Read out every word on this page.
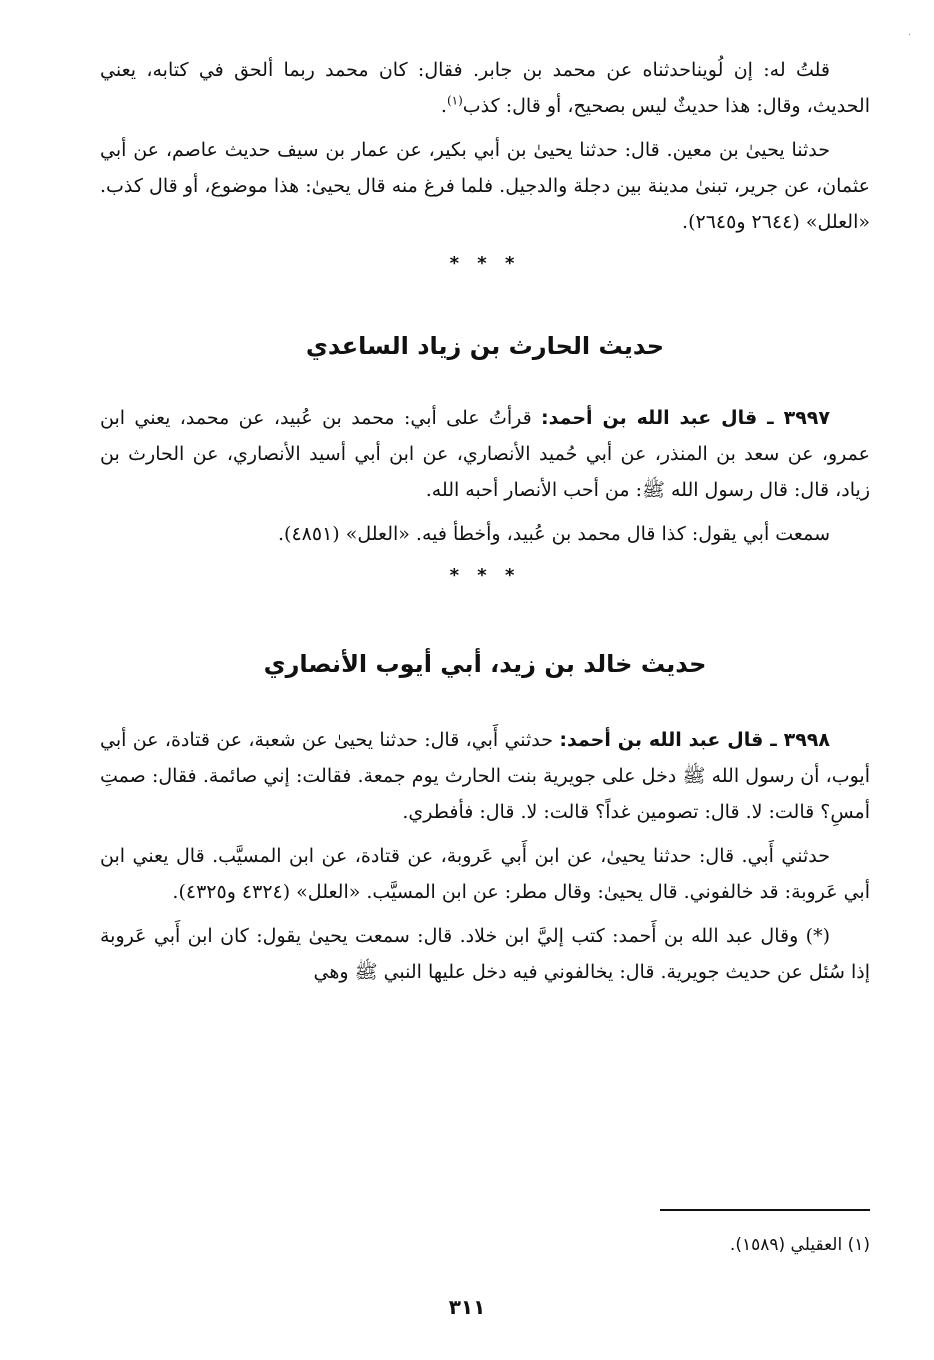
·

قلتُ له: إن لُويناحدثناه عن محمد بن جابر. فقال: كان محمد ربما ألحق في كتابه، يعني الحديث، وقال: هذا حديثٌ ليس بصحيح، أو قال: كذب$^{(١)}$.

حدثنا يحيىٰ بن معين. قال: حدثنا يحيىٰ بن أبي بكير، عن عمار بن سيف حديث عاصم، عن أبي عثمان، عن جرير، تبنىٰ مدينة بين دجلة والدجيل. فلما فرغ منه قال يحيىٰ: هذا موضوع، أو قال كذب. «العلل» (٢٦٤٤ و٢٦٤٥).

* * *
حديث الحارث بن زياد الساعدي

٣٩٩٧ ـ قال عبد الله بن أحمد: قرأتُ على أبي: محمد بن عُبيد، عن محمد، يعني ابن عمرو، عن سعد بن المنذر، عن أبي حُميد الأنصاري، عن ابن أبي أسيد الأنصاري، عن الحارث بن زياد، قال: قال رسول الله ﷺ: من أحب الأنصار أحبه الله.

سمعت أبي يقول: كذا قال محمد بن عُبيد، وأخطأ فيه. «العلل» (٤٨٥١).

* * *
حديث خالد بن زيد، أبي أيوب الأنصاري

٣٩٩٨ ـ قال عبد الله بن أحمد: حدثني أَبي، قال: حدثنا يحيىٰ عن شعبة، عن قتادة، عن أبي أيوب، أن رسول الله ﷺ دخل على جويرية بنت الحارث يوم جمعة. فقالت: إني صائمة. فقال: صمتِ أمسِ؟ قالت: لا. قال: تصومين غداً؟ قالت: لا. قال: فأفطري.

حدثني أَبي. قال: حدثنا يحيىٰ، عن ابن أَبي عَروبة، عن قتادة، عن ابن المسيَّب. قال يعني ابن أبي عَروبة: قد خالفوني. قال يحيىٰ: وقال مطر: عن ابن المسيَّب. «العلل» (٤٣٢٤ و٤٣٢٥).

(*) وقال عبد الله بن أَحمد: كتب إليَّ ابن خلاد. قال: سمعت يحيىٰ يقول: كان ابن أَبي عَروبة إذا سُئل عن حديث جويرية. قال: يخالفوني فيه دخل عليها النبي ﷺ وهي

(١) العقيلي (١٥٨٩).
٣١١
